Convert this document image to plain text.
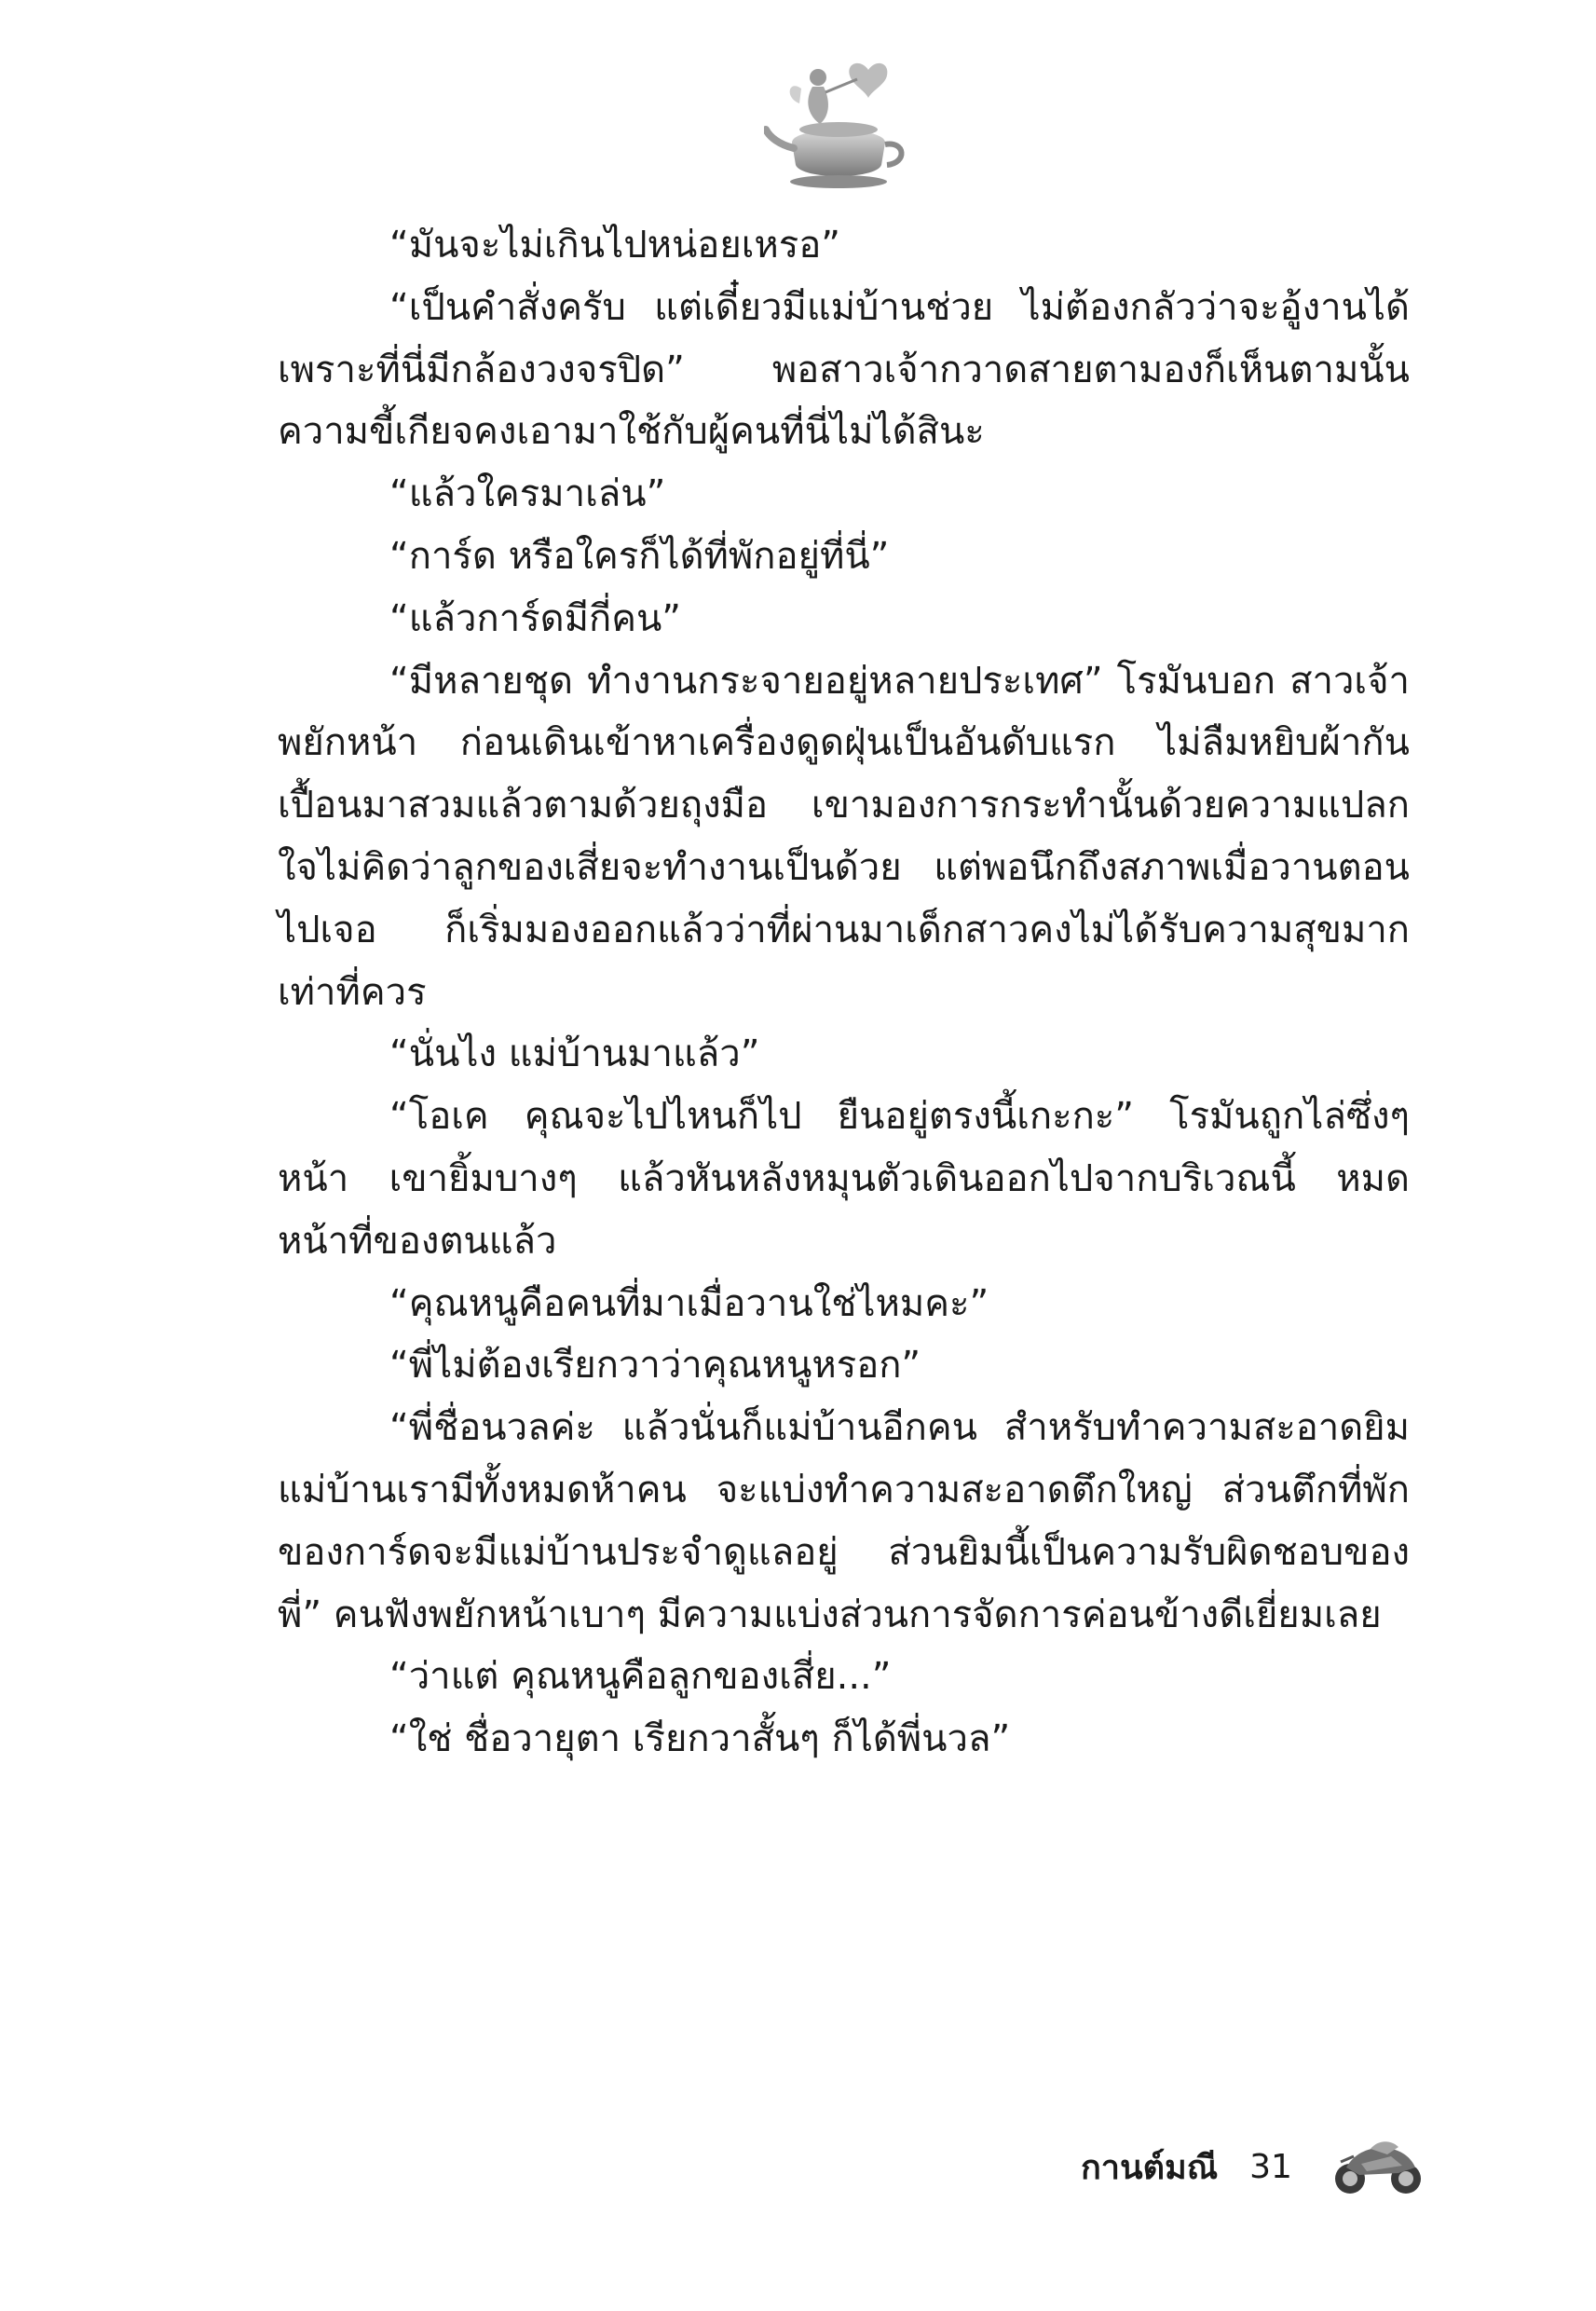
“มันจะไม่เกินไปหน่อยเหรอ”

“เป็นคำสั่งครับ แต่เดี๋ยวมีแม่บ้านช่วย ไม่ต้องกลัวว่าจะอู้งานได้ เพราะที่นี่มีกล้องวงจรปิด” พอสาวเจ้ากวาดสายตามองก็เห็นตามนั้น ความขี้เกียจคงเอามาใช้กับผู้คนที่นี่ไม่ได้สินะ

“แล้วใครมาเล่น”

“การ์ด หรือใครก็ได้ที่พักอยู่ที่นี่”

“แล้วการ์ดมีกี่คน”

“มีหลายชุด ทำงานกระจายอยู่หลายประเทศ” โรมันบอก สาวเจ้าพยักหน้า ก่อนเดินเข้าหาเครื่องดูดฝุ่นเป็นอันดับแรก ไม่ลืมหยิบผ้ากันเปื้อนมาสวมแล้วตามด้วยถุงมือ เขามองการกระทำนั้นด้วยความแปลกใจไม่คิดว่าลูกของเสี่ยจะทำงานเป็นด้วย แต่พอนึกถึงสภาพเมื่อวานตอนไปเจอ ก็เริ่มมองออกแล้วว่าที่ผ่านมาเด็กสาวคงไม่ได้รับความสุขมากเท่าที่ควร

“นั่นไง แม่บ้านมาแล้ว”

“โอเค คุณจะไปไหนก็ไป ยืนอยู่ตรงนี้เกะกะ” โรมันถูกไล่ซึ่งๆ หน้า เขายิ้มบางๆ แล้วหันหลังหมุนตัวเดินออกไปจากบริเวณนี้ หมดหน้าที่ของตนแล้ว

“คุณหนูคือคนที่มาเมื่อวานใช่ไหมคะ”

“พี่ไม่ต้องเรียกวาว่าคุณหนูหรอก”

“พี่ชื่อนวลค่ะ แล้วนั่นก็แม่บ้านอีกคน สำหรับทำความสะอาดยิม แม่บ้านเรามีทั้งหมดห้าคน จะแบ่งทำความสะอาดตึกใหญ่ ส่วนตึกที่พักของการ์ดจะมีแม่บ้านประจำดูแลอยู่ ส่วนยิมนี้เป็นความรับผิดชอบของพี่” คนฟังพยักหน้าเบาๆ มีความแบ่งส่วนการจัดการค่อนข้างดีเยี่ยมเลย

“ว่าแต่ คุณหนูคือลูกของเสี่ย...”

“ใช่ ชื่อวายุตา เรียกวาสั้นๆ ก็ได้พี่นวล”

กานต์มณี 31
